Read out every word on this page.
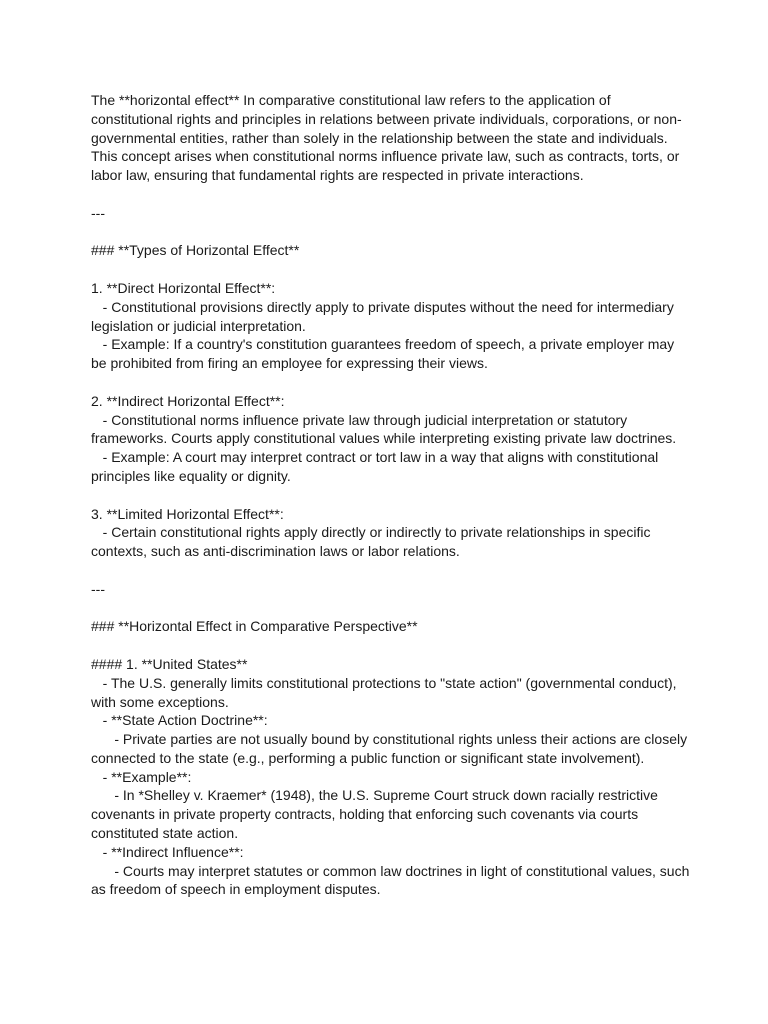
The **horizontal effect** In comparative constitutional law refers to the application of constitutional rights and principles in relations between private individuals, corporations, or non-governmental entities, rather than solely in the relationship between the state and individuals. This concept arises when constitutional norms influence private law, such as contracts, torts, or labor law, ensuring that fundamental rights are respected in private interactions.

---

### **Types of Horizontal Effect**

1. **Direct Horizontal Effect**:
- Constitutional provisions directly apply to private disputes without the need for intermediary legislation or judicial interpretation.
- Example: If a country's constitution guarantees freedom of speech, a private employer may be prohibited from firing an employee for expressing their views.

2. **Indirect Horizontal Effect**:
- Constitutional norms influence private law through judicial interpretation or statutory frameworks. Courts apply constitutional values while interpreting existing private law doctrines.
- Example: A court may interpret contract or tort law in a way that aligns with constitutional principles like equality or dignity.

3. **Limited Horizontal Effect**:
- Certain constitutional rights apply directly or indirectly to private relationships in specific contexts, such as anti-discrimination laws or labor relations.

---

### **Horizontal Effect in Comparative Perspective**

#### 1. **United States**
- The U.S. generally limits constitutional protections to "state action" (governmental conduct), with some exceptions.
- **State Action Doctrine**:
- Private parties are not usually bound by constitutional rights unless their actions are closely connected to the state (e.g., performing a public function or significant state involvement).
- **Example**:
- In *Shelley v. Kraemer* (1948), the U.S. Supreme Court struck down racially restrictive covenants in private property contracts, holding that enforcing such covenants via courts constituted state action.
- **Indirect Influence**:
- Courts may interpret statutes or common law doctrines in light of constitutional values, such as freedom of speech in employment disputes.
